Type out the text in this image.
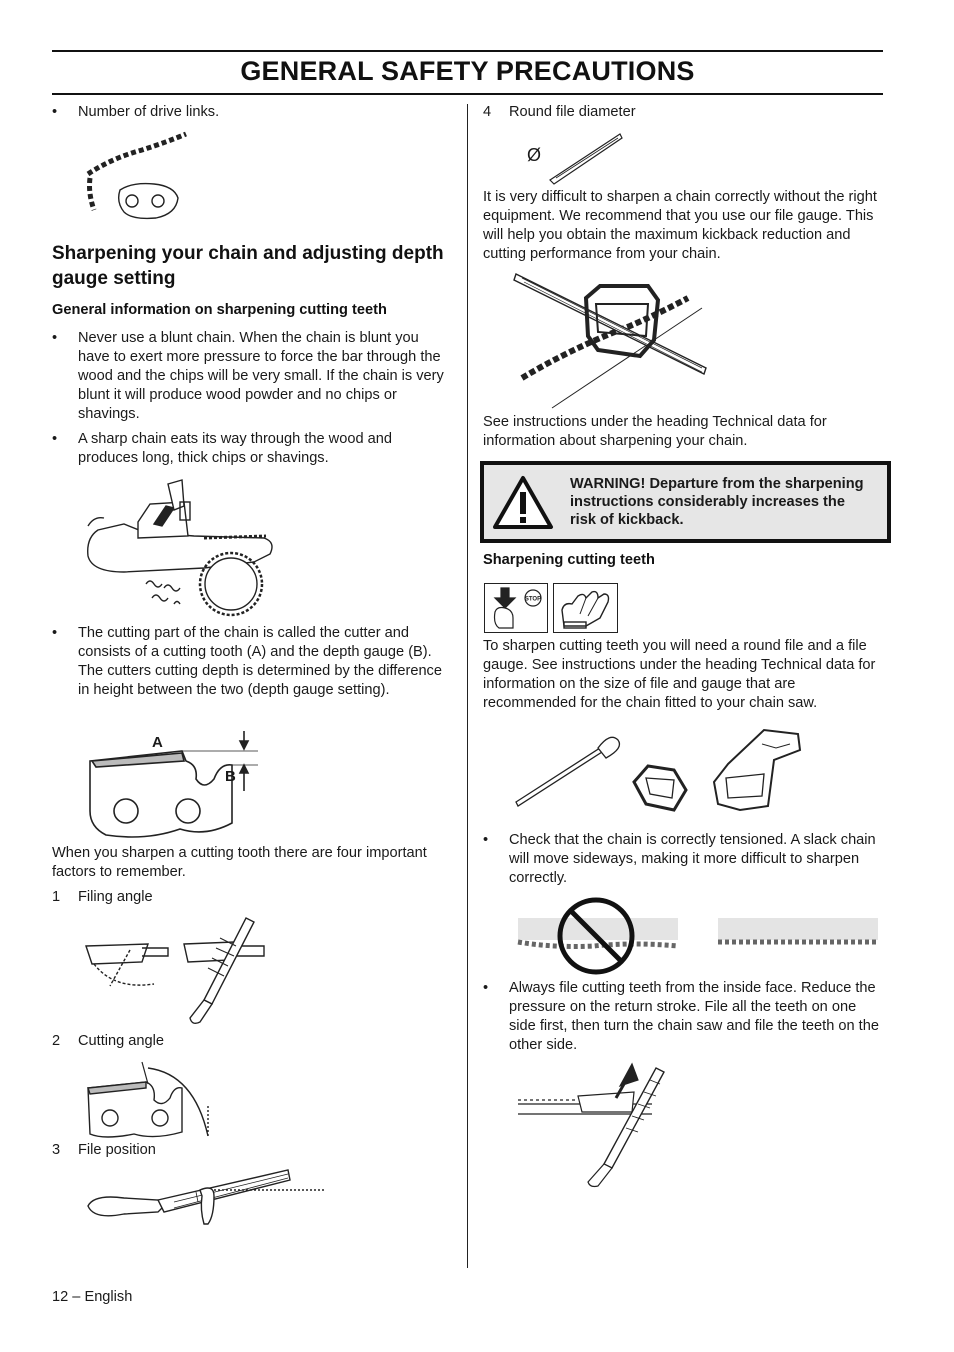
GENERAL SAFETY PRECAUTIONS
• Number of drive links.
Sharpening your chain and adjusting depth gauge setting
General information on sharpening cutting teeth
• Never use a blunt chain. When the chain is blunt you have to exert more pressure to force the bar through the wood and the chips will be very small. If the chain is very blunt it will produce wood powder and no chips or shavings.
• A sharp chain eats its way through the wood and produces long, thick chips or shavings.
• The cutting part of the chain is called the cutter and consists of a cutting tooth (A) and the depth gauge (B). The cutters cutting depth is determined by the difference in height between the two (depth gauge setting).
A
B
When you sharpen a cutting tooth there are four important factors to remember.
1 Filing angle
2 Cutting angle
3 File position
4 Round file diameter
Ø
It is very difficult to sharpen a chain correctly without the right equipment. We recommend that you use our file gauge. This will help you obtain the maximum kickback reduction and cutting performance from your chain.
See instructions under the heading Technical data for information about sharpening your chain.
WARNING! Departure from the sharpening instructions considerably increases the risk of kickback.
Sharpening cutting teeth
STOP
To sharpen cutting teeth you will need a round file and a file gauge. See instructions under the heading Technical data for information on the size of file and gauge that are recommended for the chain fitted to your chain saw.
• Check that the chain is correctly tensioned. A slack chain will move sideways, making it more difficult to sharpen correctly.
• Always file cutting teeth from the inside face. Reduce the pressure on the return stroke. File all the teeth on one side first, then turn the chain saw and file the teeth on the other side.
12 – English
